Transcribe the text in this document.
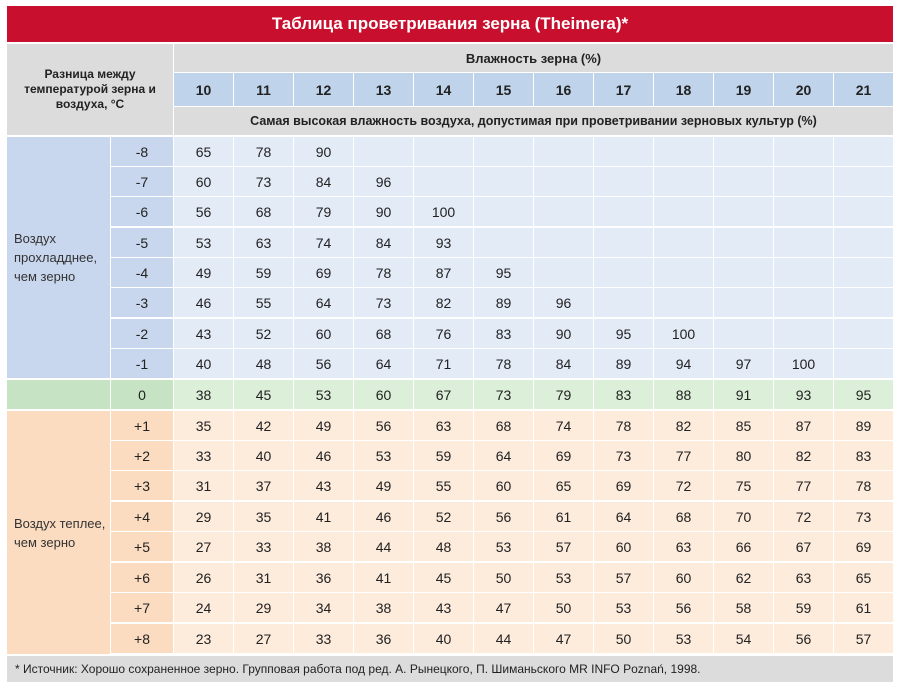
Таблица проветривания зерна (Theimera)*
Разница между температурой зерна и воздуха, °C
Влажность зерна (%)
10	11	12	13	14	15	16	17	18	19	20	21
Самая высокая влажность воздуха, допустимая при проветривании зерновых культур (%)
Воздух прохладднее, чем зерно
Воздух теплее, чем зерно
-8	65	78	90
-7	60	73	84	96
-6	56	68	79	90	100
-5	53	63	74	84	93
-4	49	59	69	78	87	95
-3	46	55	64	73	82	89	96
-2	43	52	60	68	76	83	90	95	100
-1	40	48	56	64	71	78	84	89	94	97	100
0	38	45	53	60	67	73	79	83	88	91	93	95
+1	35	42	49	56	63	68	74	78	82	85	87	89
+2	33	40	46	53	59	64	69	73	77	80	82	83
+3	31	37	43	49	55	60	65	69	72	75	77	78
+4	29	35	41	46	52	56	61	64	68	70	72	73
+5	27	33	38	44	48	53	57	60	63	66	67	69
+6	26	31	36	41	45	50	53	57	60	62	63	65
+7	24	29	34	38	43	47	50	53	56	58	59	61
+8	23	27	33	36	40	44	47	50	53	54	56	57
* Источник: Хорошо сохраненное зерно. Групповая работа под ред. А. Рынецкого, П. Шиманьского MR INFO Poznań, 1998.
